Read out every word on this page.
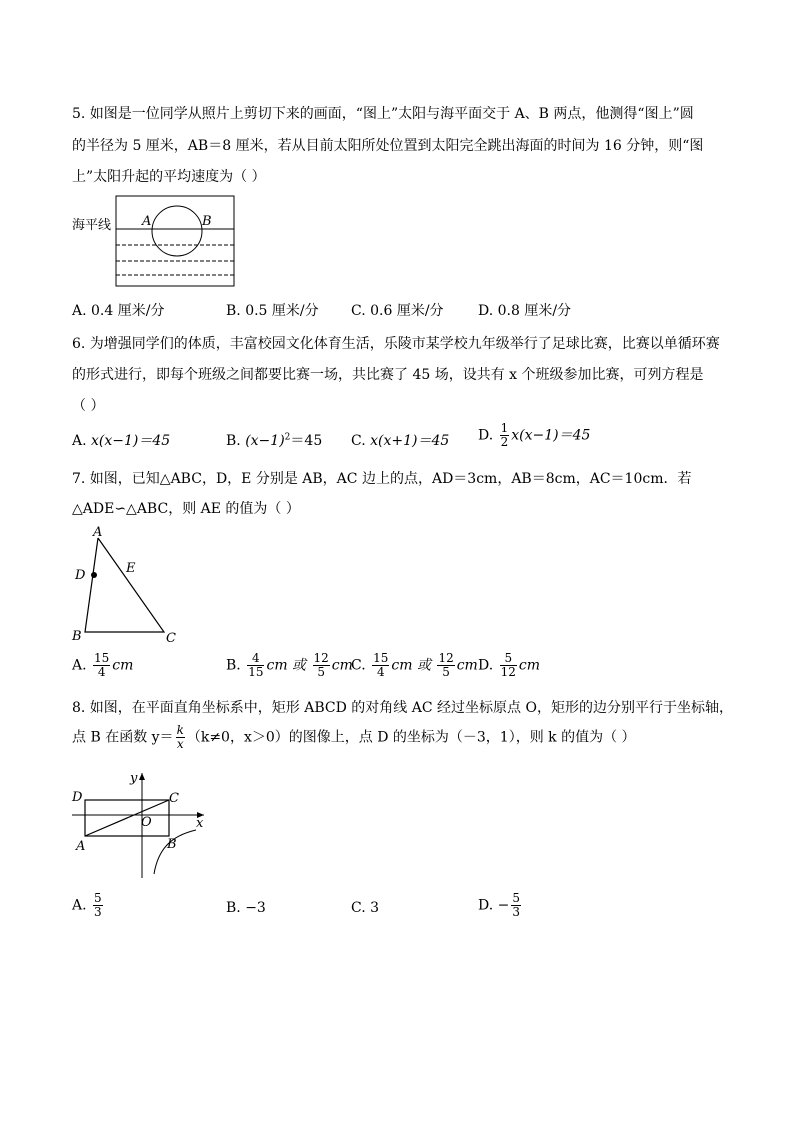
5. 如图是一位同学从照片上剪切下来的画面，“图上”太阳与海平面交于 A、B 两点，他测得“图上”圆
的半径为 5 厘米，AB＝8 厘米，若从目前太阳所处位置到太阳完全跳出海面的时间为 16 分钟，则“图
上”太阳升起的平均速度为（ ）
海平线 A	B
A. 0.4 厘米/分	B. 0.5 厘米/分 C. 0.6 厘米/分 D. 0.8 厘米/分
6. 为增强同学们的体质，丰富校园文化体育生活，乐陵市某学校九年级举行了足球比赛，比赛以单循环赛
的形式进行，即每个班级之间都要比赛一场，共比赛了 45 场，设共有 x 个班级参加比赛，可列方程是
（ ）
A. x(x−1)＝45	B. $(x-1)^2=45$ C. x(x+1)＝45 D. $\frac{1}{2} x(x-1)=45$
7. 如图，已知△ABC，D，E 分别是 AB，AC 边上的点，AD＝3cm，AB＝8cm，AC＝10cm．若
△ADE∽△ABC，则 AE 的值为（ ）
A
D	E
B	C
A. $\frac{15}{4}$ cm	B. $\frac{4}{15}$ cm 或 $\frac{12}{5}$ cm
C. $\frac{15}{4}$ cm 或 $\frac{12}{5}$ cm D. $\frac{5}{12}$ cm
8. 如图，在平面直角坐标系中，矩形 ABCD 的对角线 AC 经过坐标原点 O，矩形的边分别平行于坐标轴，
点 B 在函数 $y= \frac{k}{x} (k\ne 0$，x＞0）的图像上，点 D 的坐标为（－3，1），则 k 的值为（ ）
y
x
O
D	C
A	B
A. $\frac{5}{3}$	B. −3	C. 3	D. − $\frac{5}{3}$
